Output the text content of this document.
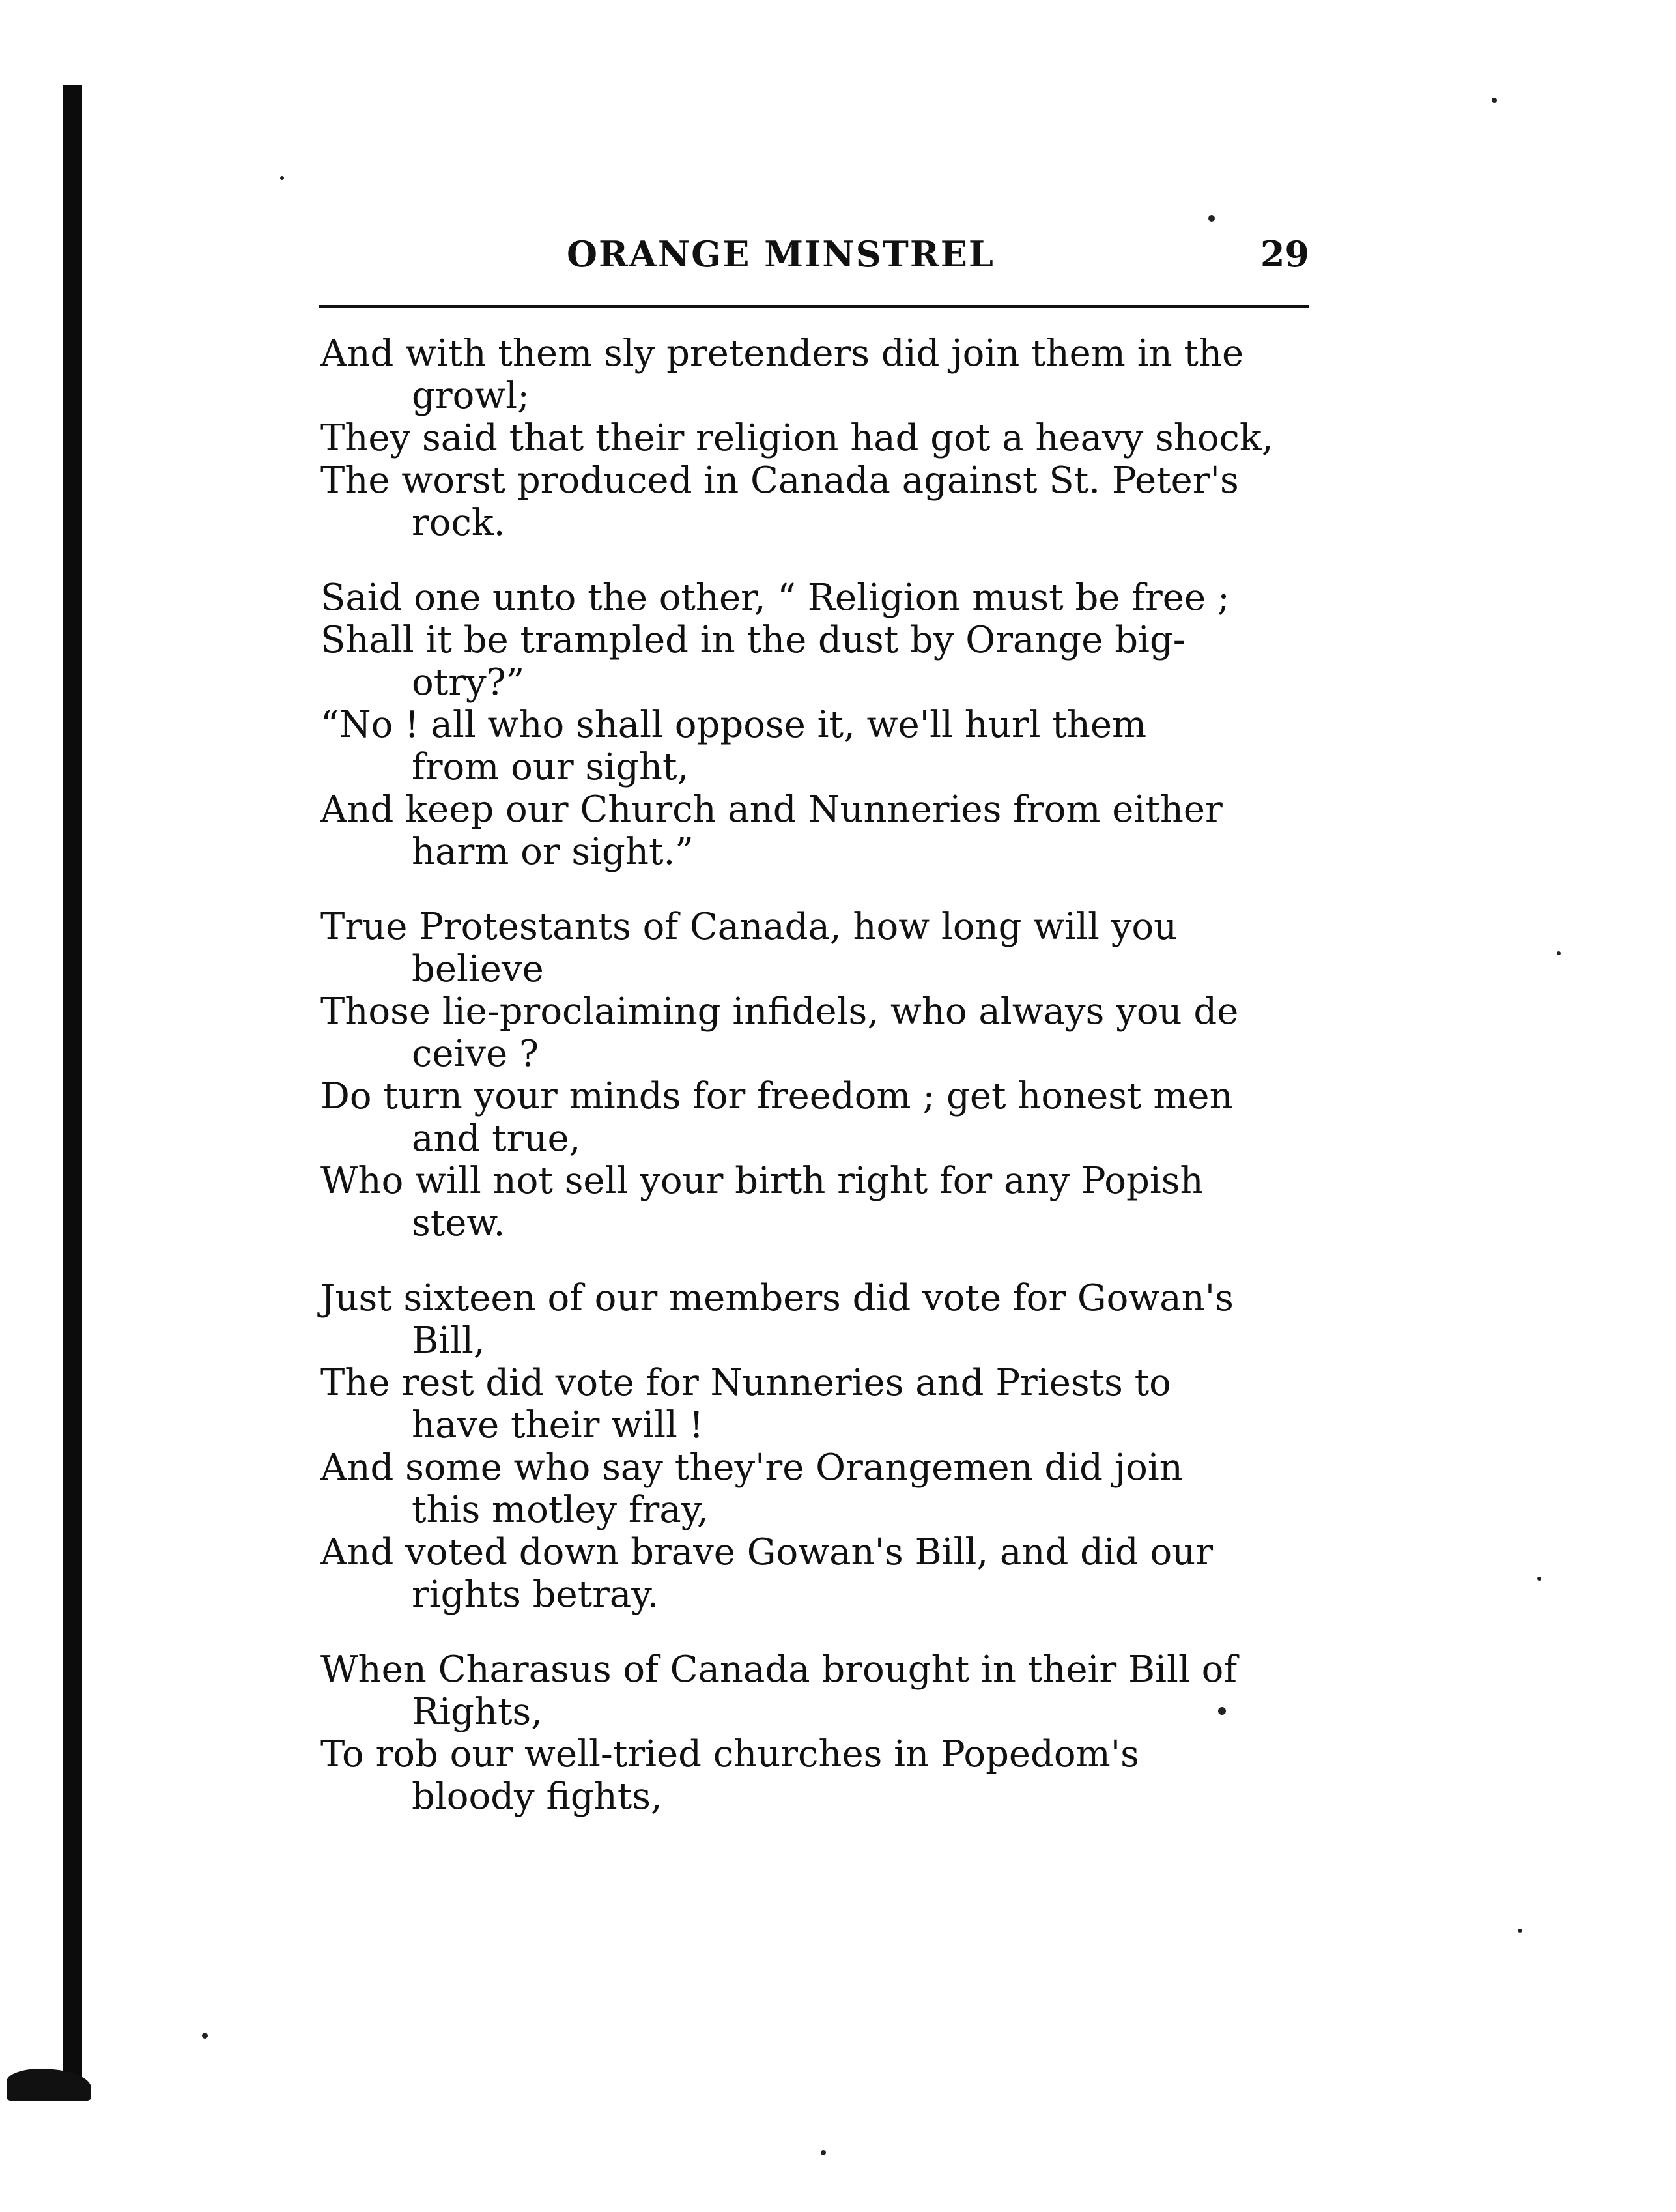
ORANGE MINSTREL	29
And with them sly pretenders did join them in the
growl;
They said that their religion had got a heavy shock,
The worst produced in Canada against St. Peter's
rock.
Said one unto the other, “ Religion must be free ;
Shall it be trampled in the dust by Orange big-
otry?”
“No ! all who shall oppose it, we'll hurl them
from our sight,
And keep our Church and Nunneries from either
harm or sight.”
True Protestants of Canada, how long will you
believe
Those lie-proclaiming infidels, who always you de
ceive ?
Do turn your minds for freedom ; get honest men
and true,
Who will not sell your birth right for any Popish
stew.
Just sixteen of our members did vote for Gowan's
Bill,
The rest did vote for Nunneries and Priests to
have their will !
And some who say they're Orangemen did join
this motley fray,
And voted down brave Gowan's Bill, and did our
rights betray.
When Charasus of Canada brought in their Bill of
Rights,
To rob our well-tried churches in Popedom's
bloody fights,
